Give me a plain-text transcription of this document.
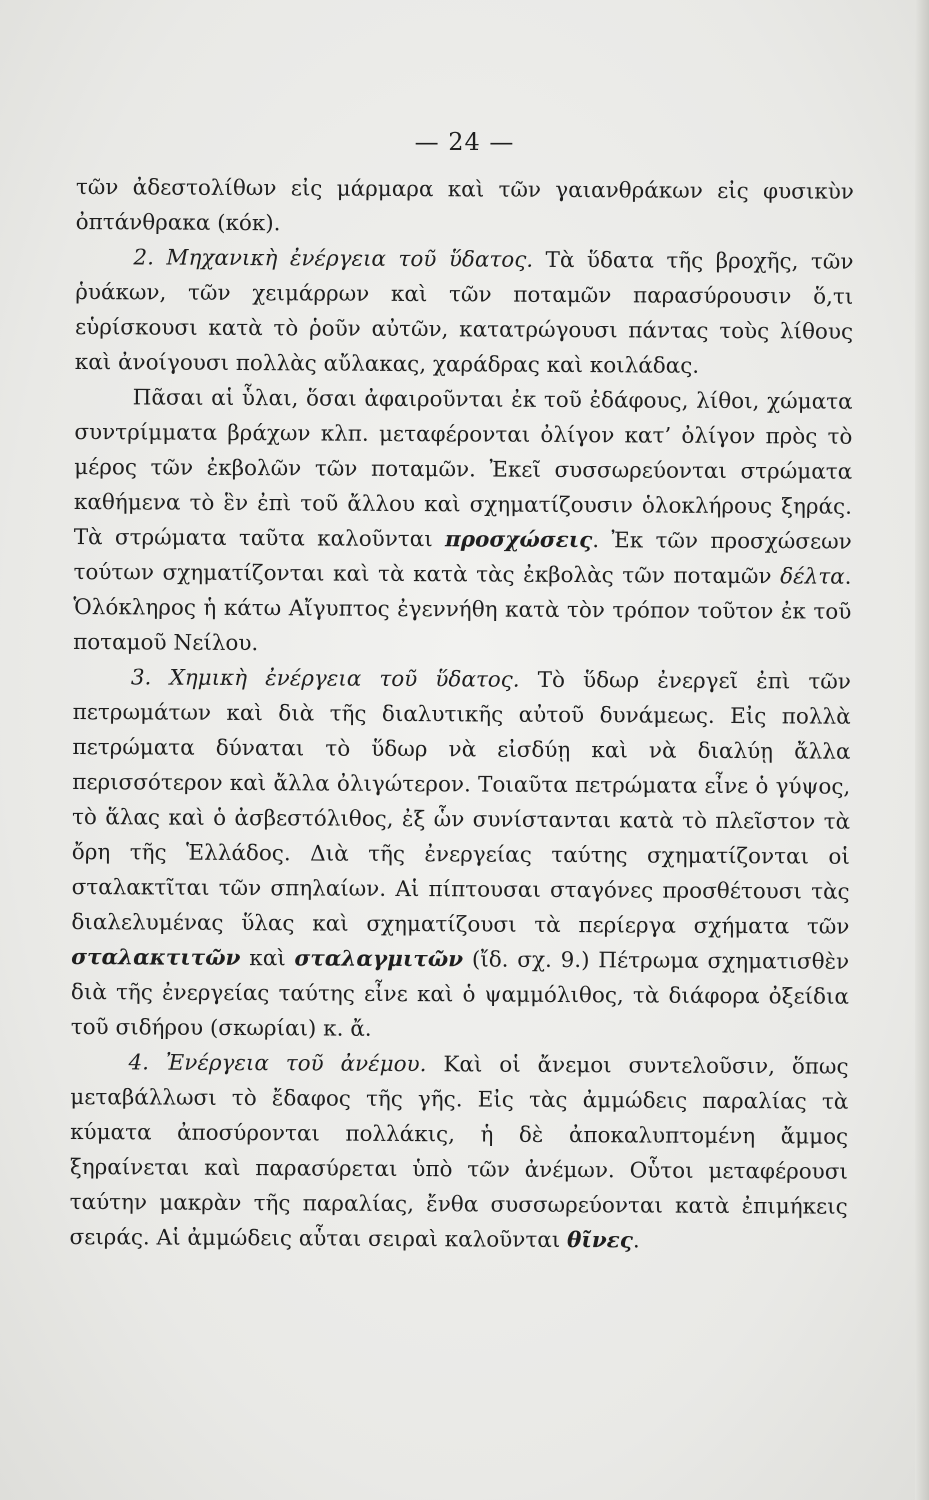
— 24 —

τῶν ἀδεστολίθων εἰς μάρμαρα καὶ τῶν γαιανθράκων εἰς φυσικὺν ὀπτάνθρακα (κόκ).

2. Μηχανικὴ ἐνέργεια τοῦ ὕδατος. Τὰ ὕδατα τῆς βροχῆς, τῶν ῥυάκων, τῶν χειμάρρων καὶ τῶν ποταμῶν παρασύρουσιν ὅ,τι εὑρίσκουσι κατὰ τὸ ῥοῦν αὐτῶν, κατατρώγουσι πάντας τοὺς λίθους καὶ ἀνοίγουσι πολλὰς αὔλακας, χαράδρας καὶ κοιλάδας.

Πᾶσαι αἱ ὗλαι, ὅσαι ἀφαιροῦνται ἐκ τοῦ ἐδάφους, λίθοι, χώματα συντρίμματα βράχων κλπ. μεταφέρονται ὀλίγον κατ’ ὀλίγον πρὸς τὸ μέρος τῶν ἐκβολῶν τῶν ποταμῶν. Ἐκεῖ συσσωρεύονται στρώματα καθήμενα τὸ ἓν ἐπὶ τοῦ ἄλλου καὶ σχηματίζουσιν ὁλοκλήρους ξηράς. Τὰ στρώματα ταῦτα καλοῦνται προσχώσεις. Ἐκ τῶν προσχώσεων τούτων σχηματίζονται καὶ τὰ κατὰ τὰς ἐκβολὰς τῶν ποταμῶν δέλτα. Ὁλόκληρος ἡ κάτω Αἴγυπτος ἐγεννήθη κατὰ τὸν τρόπον τοῦτον ἐκ τοῦ ποταμοῦ Νείλου.

3. Χημικὴ ἐνέργεια τοῦ ὕδατος. Τὸ ὕδωρ ἐνεργεῖ ἐπὶ τῶν πετρωμάτων καὶ διὰ τῆς διαλυτικῆς αὐτοῦ δυνάμεως. Εἰς πολλὰ πετρώματα δύναται τὸ ὕδωρ νὰ εἰσδύῃ καὶ νὰ διαλύῃ ἄλλα περισσότερον καὶ ἄλλα ὀλιγώτερον. Τοιαῦτα πετρώματα εἶνε ὁ γύψος, τὸ ἅλας καὶ ὁ ἀσβεστόλιθος, ἐξ ὧν συνίστανται κατὰ τὸ πλεῖστον τὰ ὄρη τῆς Ἑλλάδος. Διὰ τῆς ἐνεργείας ταύτης σχηματίζονται οἱ σταλακτῖται τῶν σπηλαίων. Αἱ πίπτουσαι σταγόνες προσθέτουσι τὰς διαλελυμένας ὕλας καὶ σχηματίζουσι τὰ περίεργα σχήματα τῶν σταλακτιτῶν καὶ σταλαγμιτῶν (ἴδ. σχ. 9.) Πέτρωμα σχηματισθὲν διὰ τῆς ἐνεργείας ταύτης εἶνε καὶ ὁ ψαμμόλιθος, τὰ διάφορα ὀξείδια τοῦ σιδήρου (σκωρίαι) κ. ἄ.

4. Ἐνέργεια τοῦ ἀνέμου. Καὶ οἱ ἄνεμοι συντελοῦσιν, ὅπως μεταβάλλωσι τὸ ἔδαφος τῆς γῆς. Εἰς τὰς ἀμμώδεις παραλίας τὰ κύματα ἀποσύρονται πολλάκις, ἡ δὲ ἀποκαλυπτομένη ἄμμος ξηραίνεται καὶ παρασύρεται ὑπὸ τῶν ἀνέμων. Οὗτοι μεταφέρουσι ταύτην μακρὰν τῆς παραλίας, ἔνθα συσσωρεύονται κατὰ ἐπιμήκεις σειράς. Αἱ ἀμμώδεις αὗται σειραὶ καλοῦνται θῖνες.
